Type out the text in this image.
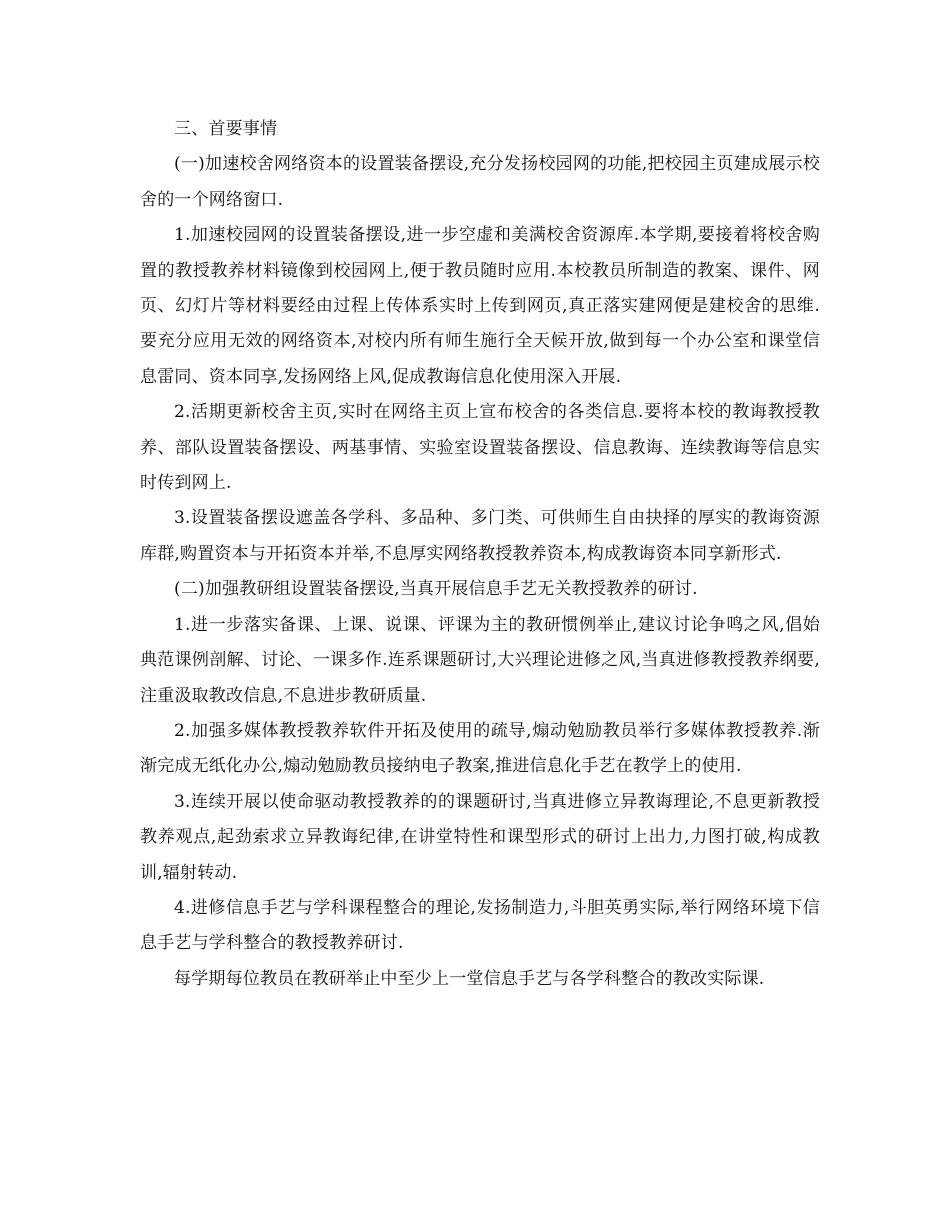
三、首要事情

(一)加速校舍网络资本的设置装备摆设,充分发扬校园网的功能,把校园主页建成展示校舍的一个网络窗口.

1.加速校园网的设置装备摆设,进一步空虚和美满校舍资源库.本学期,要接着将校舍购置的教授教养材料镜像到校园网上,便于教员随时应用.本校教员所制造的教案、课件、网页、幻灯片等材料要经由过程上传体系实时上传到网页,真正落实建网便是建校舍的思维.要充分应用无效的网络资本,对校内所有师生施行全天候开放,做到每一个办公室和课堂信息雷同、资本同享,发扬网络上风,促成教诲信息化使用深入开展.

2.活期更新校舍主页,实时在网络主页上宣布校舍的各类信息.要将本校的教诲教授教养、部队设置装备摆设、两基事情、实验室设置装备摆设、信息教诲、连续教诲等信息实时传到网上.

3.设置装备摆设遮盖各学科、多品种、多门类、可供师生自由抉择的厚实的教诲资源库群,购置资本与开拓资本并举,不息厚实网络教授教养资本,构成教诲资本同享新形式.

(二)加强教研组设置装备摆设,当真开展信息手艺无关教授教养的研讨.

1.进一步落实备课、上课、说课、评课为主的教研惯例举止,建议讨论争鸣之风,倡始典范课例剖解、讨论、一课多作.连系课题研讨,大兴理论进修之风,当真进修教授教养纲要,注重汲取教改信息,不息进步教研质量.

2.加强多媒体教授教养软件开拓及使用的疏导,煽动勉励教员举行多媒体教授教养.渐渐完成无纸化办公,煽动勉励教员接纳电子教案,推进信息化手艺在教学上的使用.

3.连续开展以使命驱动教授教养的的课题研讨,当真进修立异教诲理论,不息更新教授教养观点,起劲索求立异教诲纪律,在讲堂特性和课型形式的研讨上出力,力图打破,构成教训,辐射转动.

4.进修信息手艺与学科课程整合的理论,发扬制造力,斗胆英勇实际,举行网络环境下信息手艺与学科整合的教授教养研讨.

每学期每位教员在教研举止中至少上一堂信息手艺与各学科整合的教改实际课.
